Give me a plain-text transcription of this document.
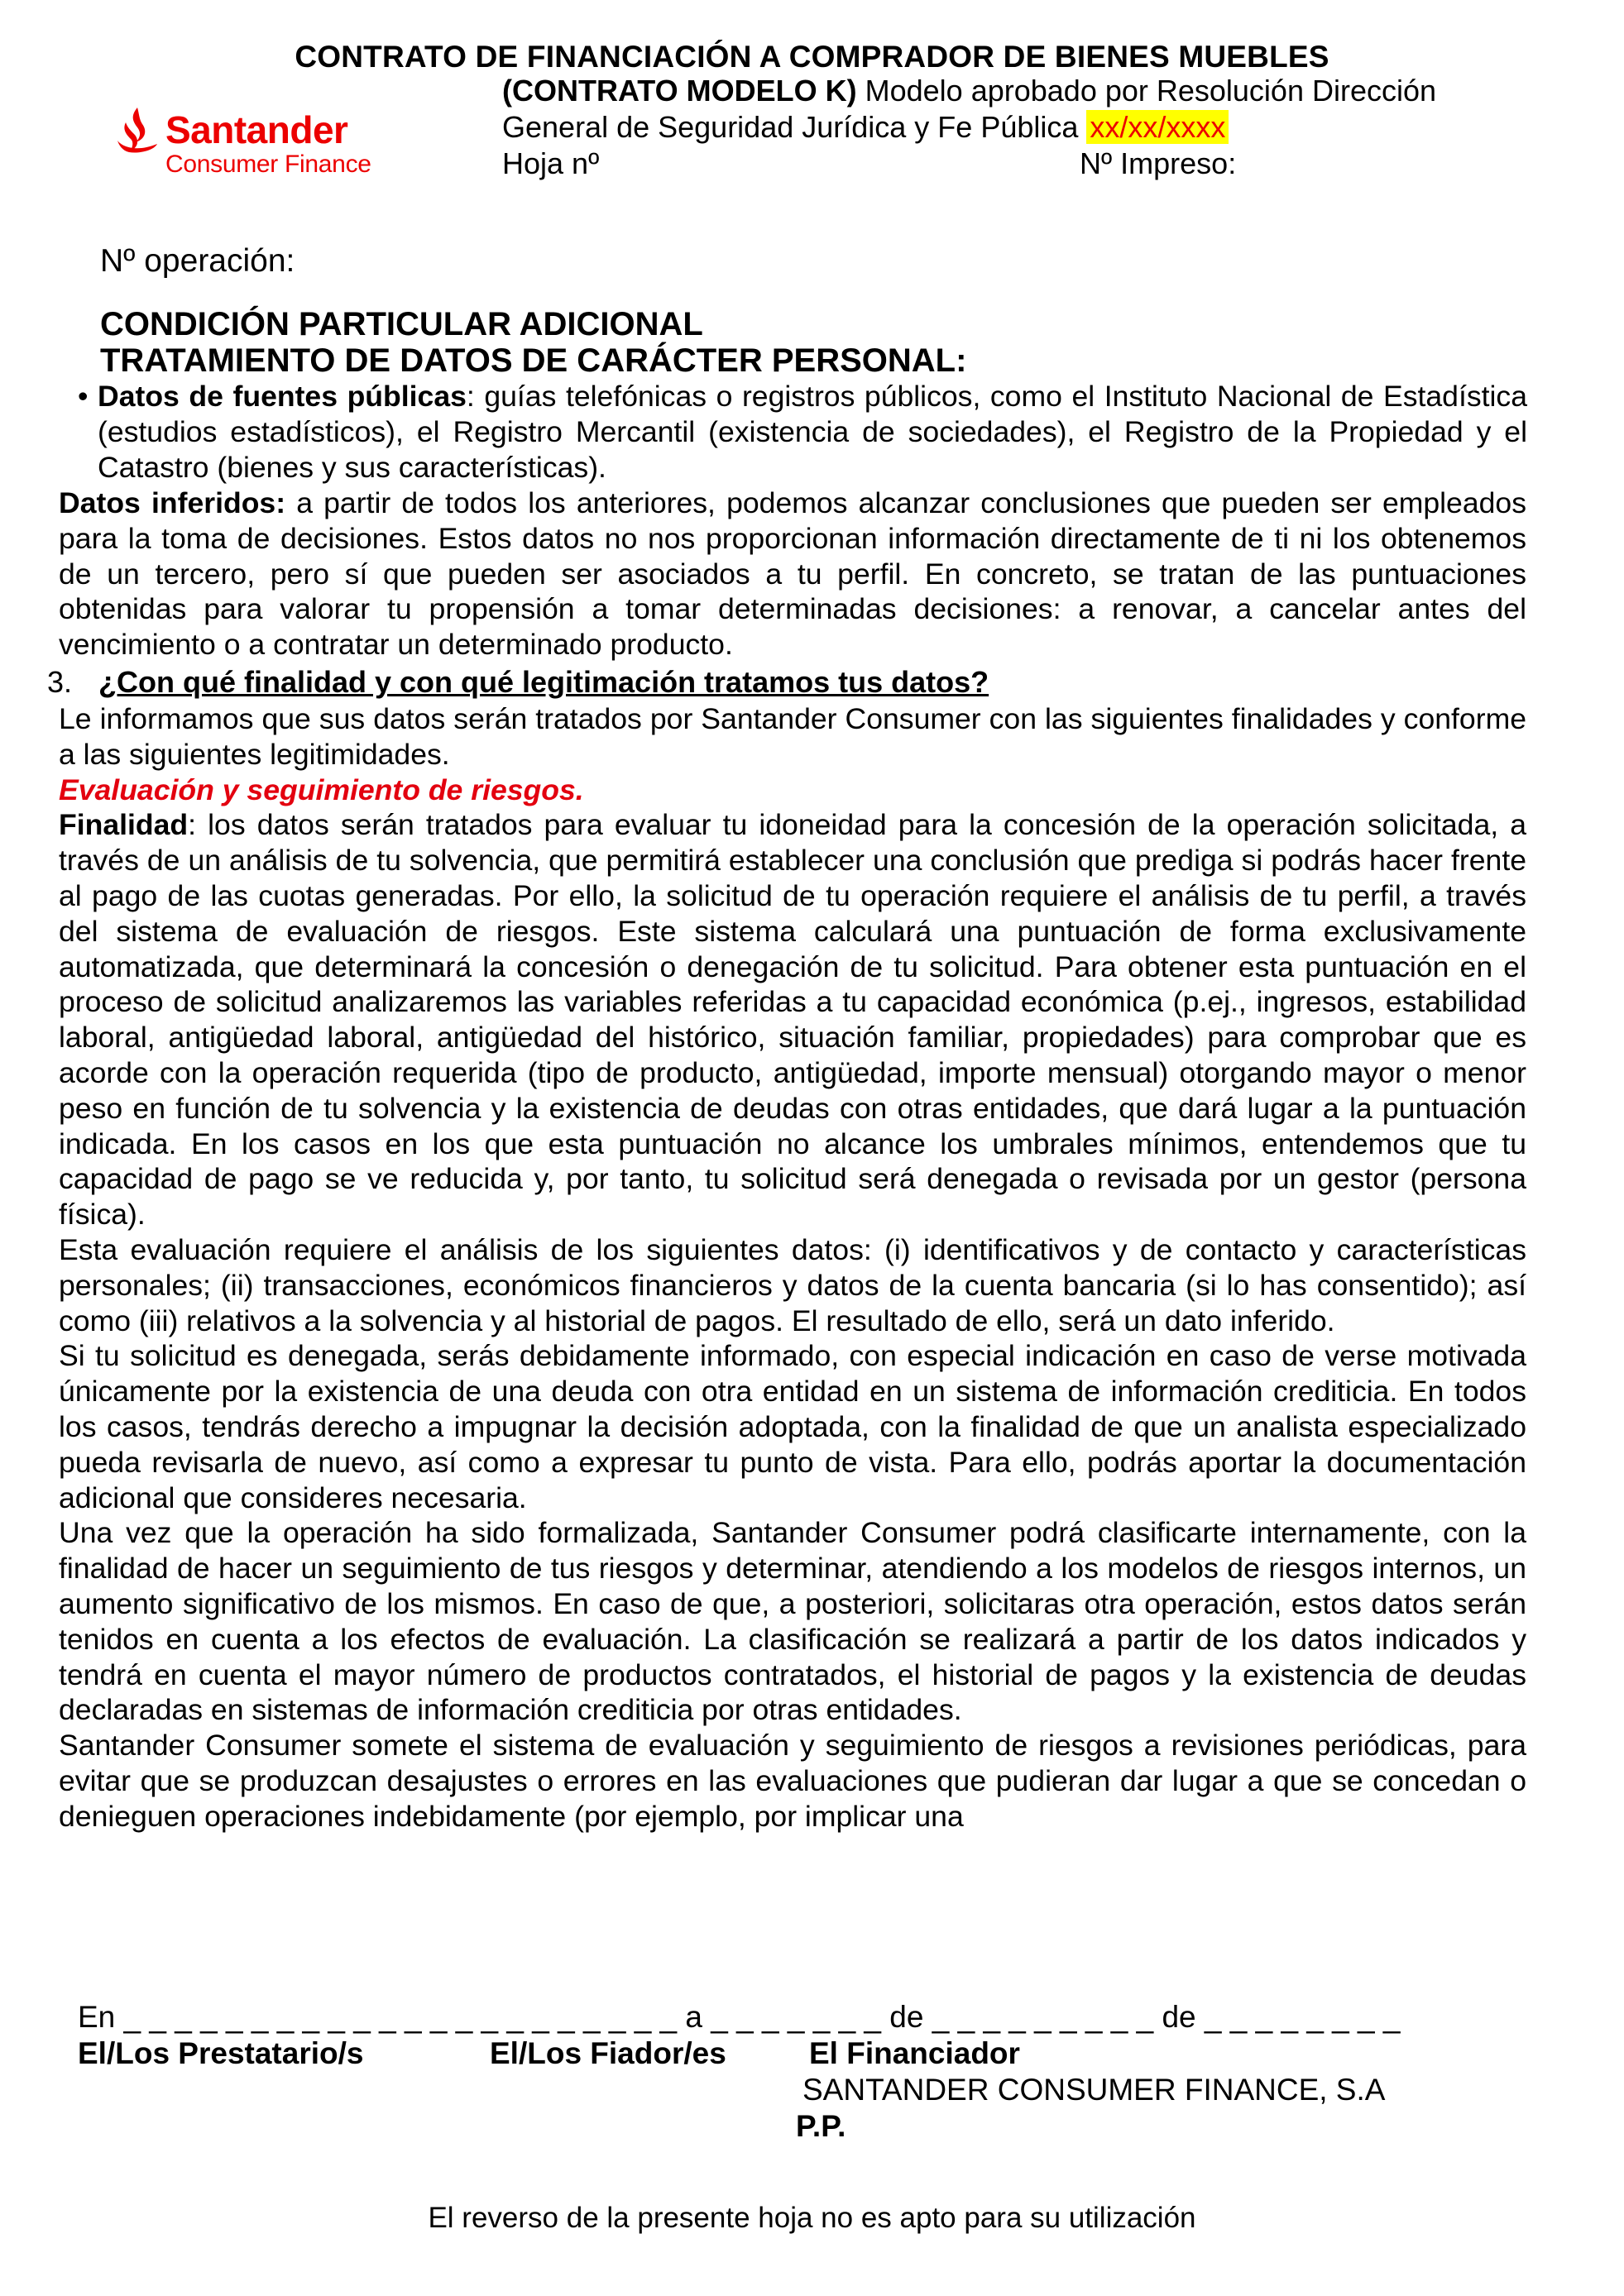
CONTRATO DE FINANCIACIÓN A COMPRADOR DE BIENES MUEBLES
Santander
Consumer Finance
(CONTRATO MODELO K) Modelo aprobado por Resolución Dirección
General de Seguridad Jurídica y Fe Pública xx/xx/xxxx
Hoja nº	Nº Impreso:
Nº operación:
CONDICIÓN PARTICULAR ADICIONAL
TRATAMIENTO DE DATOS DE CARÁCTER PERSONAL:
• Datos de fuentes públicas: guías telefónicas o registros públicos, como el Instituto Nacional de Estadística (estudios estadísticos), el Registro Mercantil (existencia de sociedades), el Registro de la Propiedad y el Catastro (bienes y sus características).

Datos inferidos: a partir de todos los anteriores, podemos alcanzar conclusiones que pueden ser empleados para la toma de decisiones. Estos datos no nos proporcionan información directamente de ti ni los obtenemos de un tercero, pero sí que pueden ser asociados a tu perfil. En concreto, se tratan de las puntuaciones obtenidas para valorar tu propensión a tomar determinadas decisiones: a renovar, a cancelar antes del vencimiento o a contratar un determinado producto.

3. ¿Con qué finalidad y con qué legitimación tratamos tus datos?

Le informamos que sus datos serán tratados por Santander Consumer con las siguientes finalidades y conforme a las siguientes legitimidades.

Evaluación y seguimiento de riesgos.

Finalidad: los datos serán tratados para evaluar tu idoneidad para la concesión de la operación solicitada, a través de un análisis de tu solvencia, que permitirá establecer una conclusión que prediga si podrás hacer frente al pago de las cuotas generadas. Por ello, la solicitud de tu operación requiere el análisis de tu perfil, a través del sistema de evaluación de riesgos. Este sistema calculará una puntuación de forma exclusivamente automatizada, que determinará la concesión o denegación de tu solicitud. Para obtener esta puntuación en el proceso de solicitud analizaremos las variables referidas a tu capacidad económica (p.ej., ingresos, estabilidad laboral, antigüedad laboral, antigüedad del histórico, situación familiar, propiedades) para comprobar que es acorde con la operación requerida (tipo de producto, antigüedad, importe mensual) otorgando mayor o menor peso en función de tu solvencia y la existencia de deudas con otras entidades, que dará lugar a la puntuación indicada. En los casos en los que esta puntuación no alcance los umbrales mínimos, entendemos que tu capacidad de pago se ve reducida y, por tanto, tu solicitud será denegada o revisada por un gestor (persona física).

Esta evaluación requiere el análisis de los siguientes datos: (i) identificativos y de contacto y características personales; (ii) transacciones, económicos financieros y datos de la cuenta bancaria (si lo has consentido); así como (iii) relativos a la solvencia y al historial de pagos. El resultado de ello, será un dato inferido.

Si tu solicitud es denegada, serás debidamente informado, con especial indicación en caso de verse motivada únicamente por la existencia de una deuda con otra entidad en un sistema de información crediticia. En todos los casos, tendrás derecho a impugnar la decisión adoptada, con la finalidad de que un analista especializado pueda revisarla de nuevo, así como a expresar tu punto de vista. Para ello, podrás aportar la documentación adicional que consideres necesaria.

Una vez que la operación ha sido formalizada, Santander Consumer podrá clasificarte internamente, con la finalidad de hacer un seguimiento de tus riesgos y determinar, atendiendo a los modelos de riesgos internos, un aumento significativo de los mismos. En caso de que, a posteriori, solicitaras otra operación, estos datos serán tenidos en cuenta a los efectos de evaluación. La clasificación se realizará a partir de los datos indicados y tendrá en cuenta el mayor número de productos contratados, el historial de pagos y la existencia de deudas declaradas en sistemas de información crediticia por otras entidades.

Santander Consumer somete el sistema de evaluación y seguimiento de riesgos a revisiones periódicas, para evitar que se produzcan desajustes o errores en las evaluaciones que pudieran dar lugar a que se concedan o denieguen operaciones indebidamente (por ejemplo, por implicar una

En _ _ _ _ _ _ _ _ _ _ _ _ _ _ _ _ _ _ _ _ _ _ a _ _ _ _ _ _ _ de _ _ _ _ _ _ _ _ _ de _ _ _ _ _ _ _ _
El/Los Prestatario/s	El/Los Fiador/es	El Financiador
SANTANDER CONSUMER FINANCE, S.A
P.P.
El reverso de la presente hoja no es apto para su utilización
